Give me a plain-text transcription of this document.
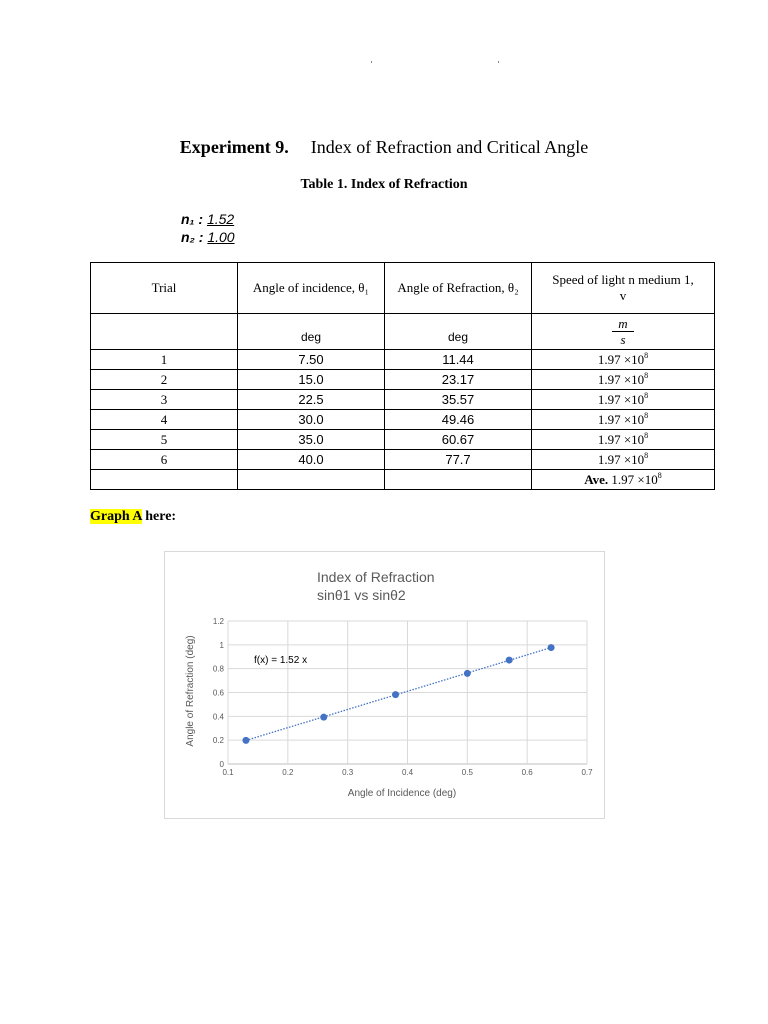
Experiment 9. Index of Refraction and Critical Angle
Table 1. Index of Refraction
n₁ : 1.52
n₂ : 1.00
Trial	Angle of incidence, θ₁	Angle of Refraction, θ₂	Speed of light n medium 1, v

	deg	deg	$\frac{m}{s}$

1	7.50	11.44	$1.97 \times 10^8$
2	15.0	23.17	$1.97 \times 10^8$
3	22.5	35.57	$1.97 \times 10^8$
4	30.0	49.46	$1.97 \times 10^8$
5	35.0	60.67	$1.97 \times 10^8$
6	40.0	77.7	$1.97 \times 10^8$
			Ave. $1.97 \times 10^8$
Graph A here:
Index of Refraction
sinθ1 vs sinθ2
0
0.2
0.4
0.6
0.8
1
1.2
0.1	0.2	0.3	0.4	0.5	0.6	0.7
f(x) = 1.52 x
Angle of Refraction (deg)
Angle of Incidence (deg)
